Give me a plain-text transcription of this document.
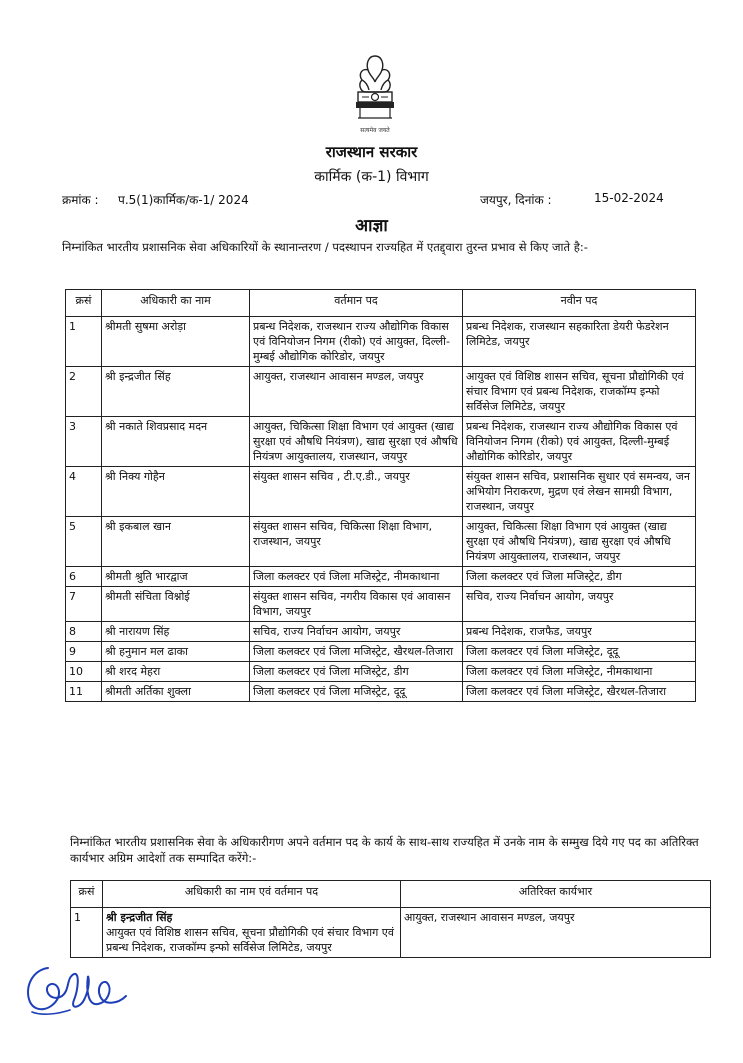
सत्यमेव जयते
राजस्थान सरकार
कार्मिक (क-1) विभाग
क्रमांक : प.5(1)कार्मिक/क-1/ 2024	जयपुर, दिनांक :	15-02-2024
आज्ञा
निम्नांकित भारतीय प्रशासनिक सेवा अधिकारियों के स्थानान्तरण / पदस्थापन राज्यहित में एतद्द्वारा तुरन्त प्रभाव से किए जाते है:-
क्रसं	अधिकारी का नाम	वर्तमान पद	नवीन पद
1	श्रीमती सुषमा अरोड़ा	प्रबन्ध निदेशक, राजस्थान राज्य औद्योगिक विकास एवं विनियोजन निगम (रीको) एवं आयुक्त, दिल्ली-मुम्बई औद्योगिक कोरिडोर, जयपुर	प्रबन्ध निदेशक, राजस्थान सहकारिता डेयरी फेडरेशन लिमिटेड, जयपुर
2	श्री इन्द्रजीत सिंह	आयुक्त, राजस्थान आवासन मण्डल, जयपुर	आयुक्त एवं विशिष्ठ शासन सचिव, सूचना प्रौद्योगिकी एवं संचार विभाग एवं प्रबन्ध निदेशक, राजकॉम्प इन्फो सर्विसेज लिमिटेड, जयपुर
3	श्री नकाते शिवप्रसाद मदन	आयुक्त, चिकित्सा शिक्षा विभाग एवं आयुक्त (खाद्य सुरक्षा एवं औषधि नियंत्रण), खाद्य सुरक्षा एवं औषधि नियंत्रण आयुक्तालय, राजस्थान, जयपुर	प्रबन्ध निदेशक, राजस्थान राज्य औद्योगिक विकास एवं विनियोजन निगम (रीको) एवं आयुक्त, दिल्ली-मुम्बई औद्योगिक कोरिडोर, जयपुर
4	श्री निक्य गोहैन	संयुक्त शासन सचिव , टी.ए.डी., जयपुर	संयुक्त शासन सचिव, प्रशासनिक सुधार एवं समन्वय, जन अभियोग निराकरण, मुद्रण एवं लेखन सामग्री विभाग, राजस्थान, जयपुर
5	श्री इकबाल खान	संयुक्त शासन सचिव, चिकित्सा शिक्षा विभाग, राजस्थान, जयपुर	आयुक्त, चिकित्सा शिक्षा विभाग एवं आयुक्त (खाद्य सुरक्षा एवं औषधि नियंत्रण), खाद्य सुरक्षा एवं औषधि नियंत्रण आयुक्तालय, राजस्थान, जयपुर
6	श्रीमती श्रुति भारद्वाज	जिला कलक्टर एवं जिला मजिस्ट्रेट, नीमकाथाना	जिला कलक्टर एवं जिला मजिस्ट्रेट, डीग
7	श्रीमती संचिता विश्नोई	संयुक्त शासन सचिव, नगरीय विकास एवं आवासन विभाग, जयपुर	सचिव, राज्य निर्वाचन आयोग, जयपुर
8	श्री नारायण सिंह	सचिव, राज्य निर्वाचन आयोग, जयपुर	प्रबन्ध निदेशक, राजफैड, जयपुर
9	श्री हनुमान मल ढाका	जिला कलक्टर एवं जिला मजिस्ट्रेट, खैरथल-तिजारा	जिला कलक्टर एवं जिला मजिस्ट्रेट, दूदू
10	श्री शरद मेहरा	जिला कलक्टर एवं जिला मजिस्ट्रेट, डीग	जिला कलक्टर एवं जिला मजिस्ट्रेट, नीमकाथाना
11	श्रीमती अर्तिका शुक्ला	जिला कलक्टर एवं जिला मजिस्ट्रेट, दूदू	जिला कलक्टर एवं जिला मजिस्ट्रेट, खैरथल-तिजारा
निम्नांकित भारतीय प्रशासनिक सेवा के अधिकारीगण अपने वर्तमान पद के कार्य के साथ-साथ राज्यहित में उनके नाम के सम्मुख दिये गए पद का अतिरिक्त कार्यभार अग्रिम आदेशों तक सम्पादित करेंगे:-
क्रसं	अधिकारी का नाम एवं वर्तमान पद	अतिरिक्त कार्यभार
1	श्री इन्द्रजीत सिंह
आयुक्त एवं विशिष्ठ शासन सचिव, सूचना प्रौद्योगिकी एवं संचार विभाग एवं प्रबन्ध निदेशक, राजकॉम्प इन्फो सर्विसेज लिमिटेड, जयपुर	आयुक्त, राजस्थान आवासन मण्डल, जयपुर
